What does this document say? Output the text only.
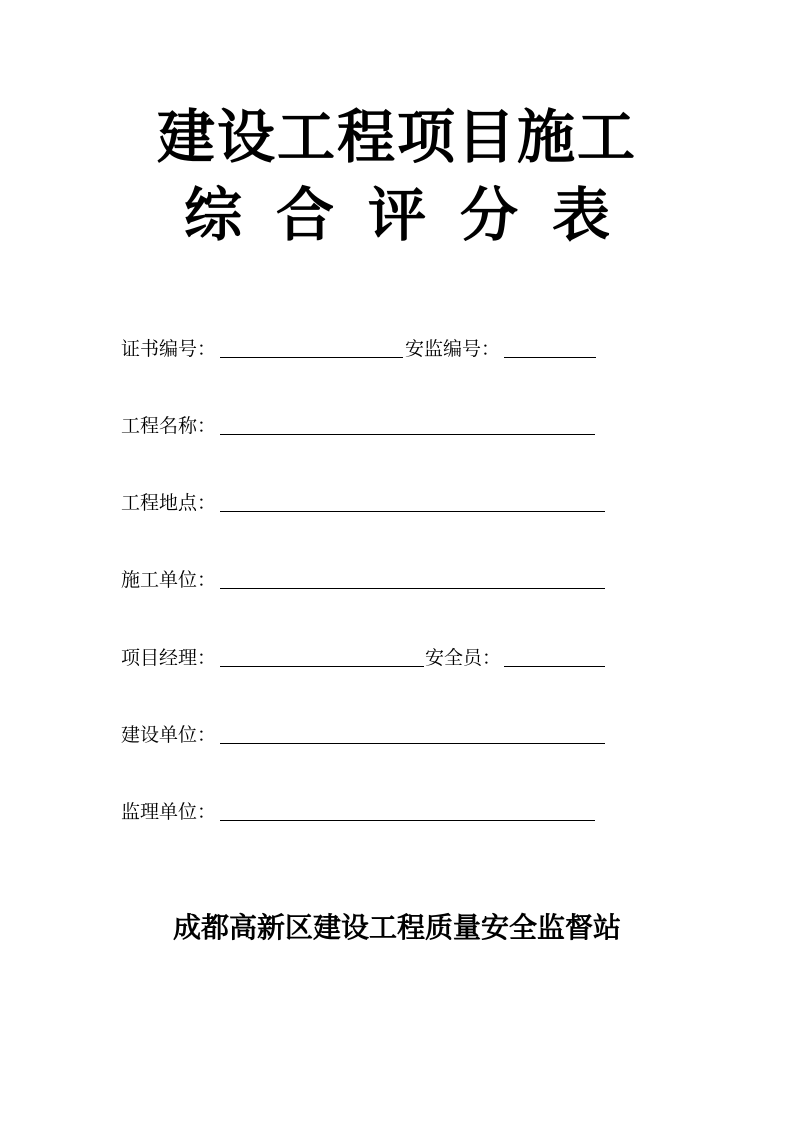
建设工程项目施工
综合评分表
证书编号：	安监编号：
工程名称：
工程地点：
施工单位：
项目经理：	安全员：
建设单位：
监理单位：
成都高新区建设工程质量安全监督站
